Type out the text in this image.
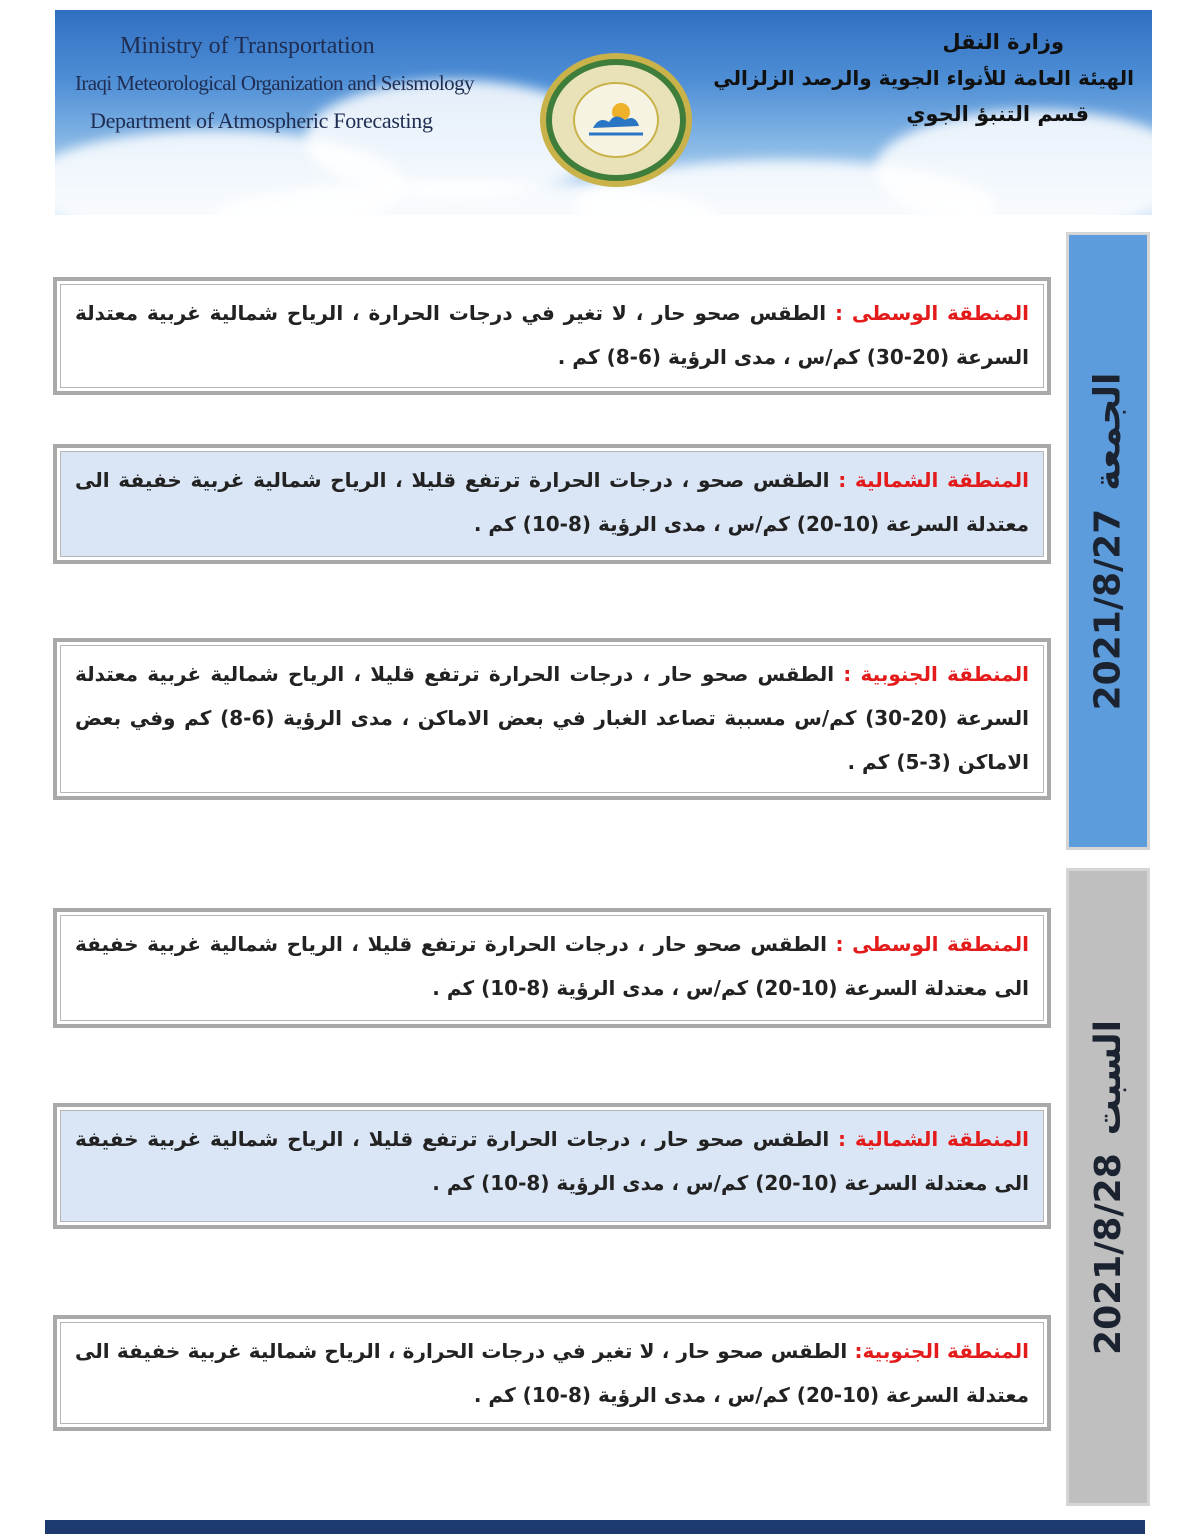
Ministry of Transportation
Iraqi Meteorological Organization and Seismology
Department of Atmospheric Forecasting
وزارة النقل
الهيئة العامة للأنواء الجوية والرصد الزلزالي
قسم التنبؤ الجوي
المنطقة الوسطى : الطقس صحو حار ، لا تغير في درجات الحرارة ، الرياح شمالية غربية معتدلة السرعة (20-30) كم/س ، مدى الرؤية (6-8) كم .
المنطقة الشمالية : الطقس صحو ، درجات الحرارة ترتفع قليلا ، الرياح شمالية غربية خفيفة الى معتدلة السرعة (10-20) كم/س ، مدى الرؤية (8-10) كم .
المنطقة الجنوبية : الطقس صحو حار ، درجات الحرارة ترتفع قليلا ، الرياح شمالية غربية معتدلة السرعة (20-30) كم/س مسببة تصاعد الغبار في بعض الاماكن ، مدى الرؤية (6-8) كم وفي بعض الاماكن (3-5) كم .
المنطقة الوسطى : الطقس صحو حار ، درجات الحرارة ترتفع قليلا ، الرياح شمالية غربية خفيفة الى معتدلة السرعة (10-20) كم/س ، مدى الرؤية (8-10) كم .
المنطقة الشمالية : الطقس صحو حار ، درجات الحرارة ترتفع قليلا ، الرياح شمالية غربية خفيفة الى معتدلة السرعة (10-20) كم/س ، مدى الرؤية (8-10) كم .
المنطقة الجنوبية: الطقس صحو حار ، لا تغير في درجات الحرارة ، الرياح شمالية غربية خفيفة الى معتدلة السرعة (10-20) كم/س ، مدى الرؤية (8-10) كم .
2021/8/27الجمعة
2021/8/28السبت
